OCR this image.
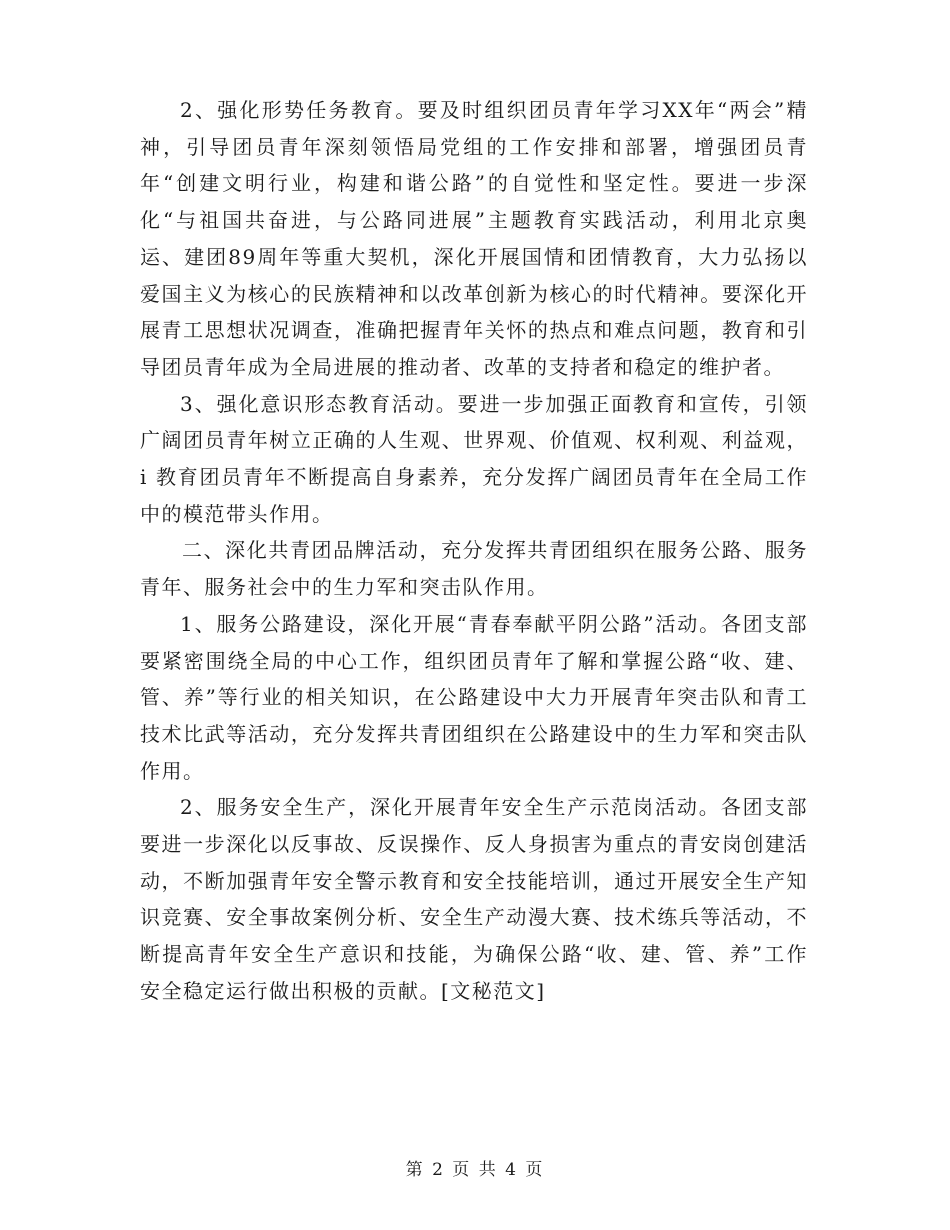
2、强化形势任务教育。要及时组织团员青年学习XX年“两会”精神，引导团员青年深刻领悟局党组的工作安排和部署，增强团员青年“创建文明行业，构建和谐公路”的自觉性和坚定性。要进一步深化“与祖国共奋进，与公路同进展”主题教育实践活动，利用北京奥运、建团89周年等重大契机，深化开展国情和团情教育，大力弘扬以爱国主义为核心的民族精神和以改革创新为核心的时代精神。要深化开展青工思想状况调查，准确把握青年关怀的热点和难点问题，教育和引导团员青年成为全局进展的推动者、改革的支持者和稳定的维护者。

3、强化意识形态教育活动。要进一步加强正面教育和宣传，引领广阔团员青年树立正确的人生观、世界观、价值观、权利观、利益观，i 教育团员青年不断提高自身素养，充分发挥广阔团员青年在全局工作中的模范带头作用。

二、深化共青团品牌活动，充分发挥共青团组织在服务公路、服务青年、服务社会中的生力军和突击队作用。

1、服务公路建设，深化开展“青春奉献平阴公路”活动。各团支部要紧密围绕全局的中心工作，组织团员青年了解和掌握公路“收、建、管、养”等行业的相关知识，在公路建设中大力开展青年突击队和青工技术比武等活动，充分发挥共青团组织在公路建设中的生力军和突击队作用。

2、服务安全生产，深化开展青年安全生产示范岗活动。各团支部要进一步深化以反事故、反误操作、反人身损害为重点的青安岗创建活动，不断加强青年安全警示教育和安全技能培训，通过开展安全生产知识竞赛、安全事故案例分析、安全生产动漫大赛、技术练兵等活动，不断提高青年安全生产意识和技能，为确保公路“收、建、管、养”工作安全稳定运行做出积极的贡献。[文秘范文]

第 2 页 共 4 页
